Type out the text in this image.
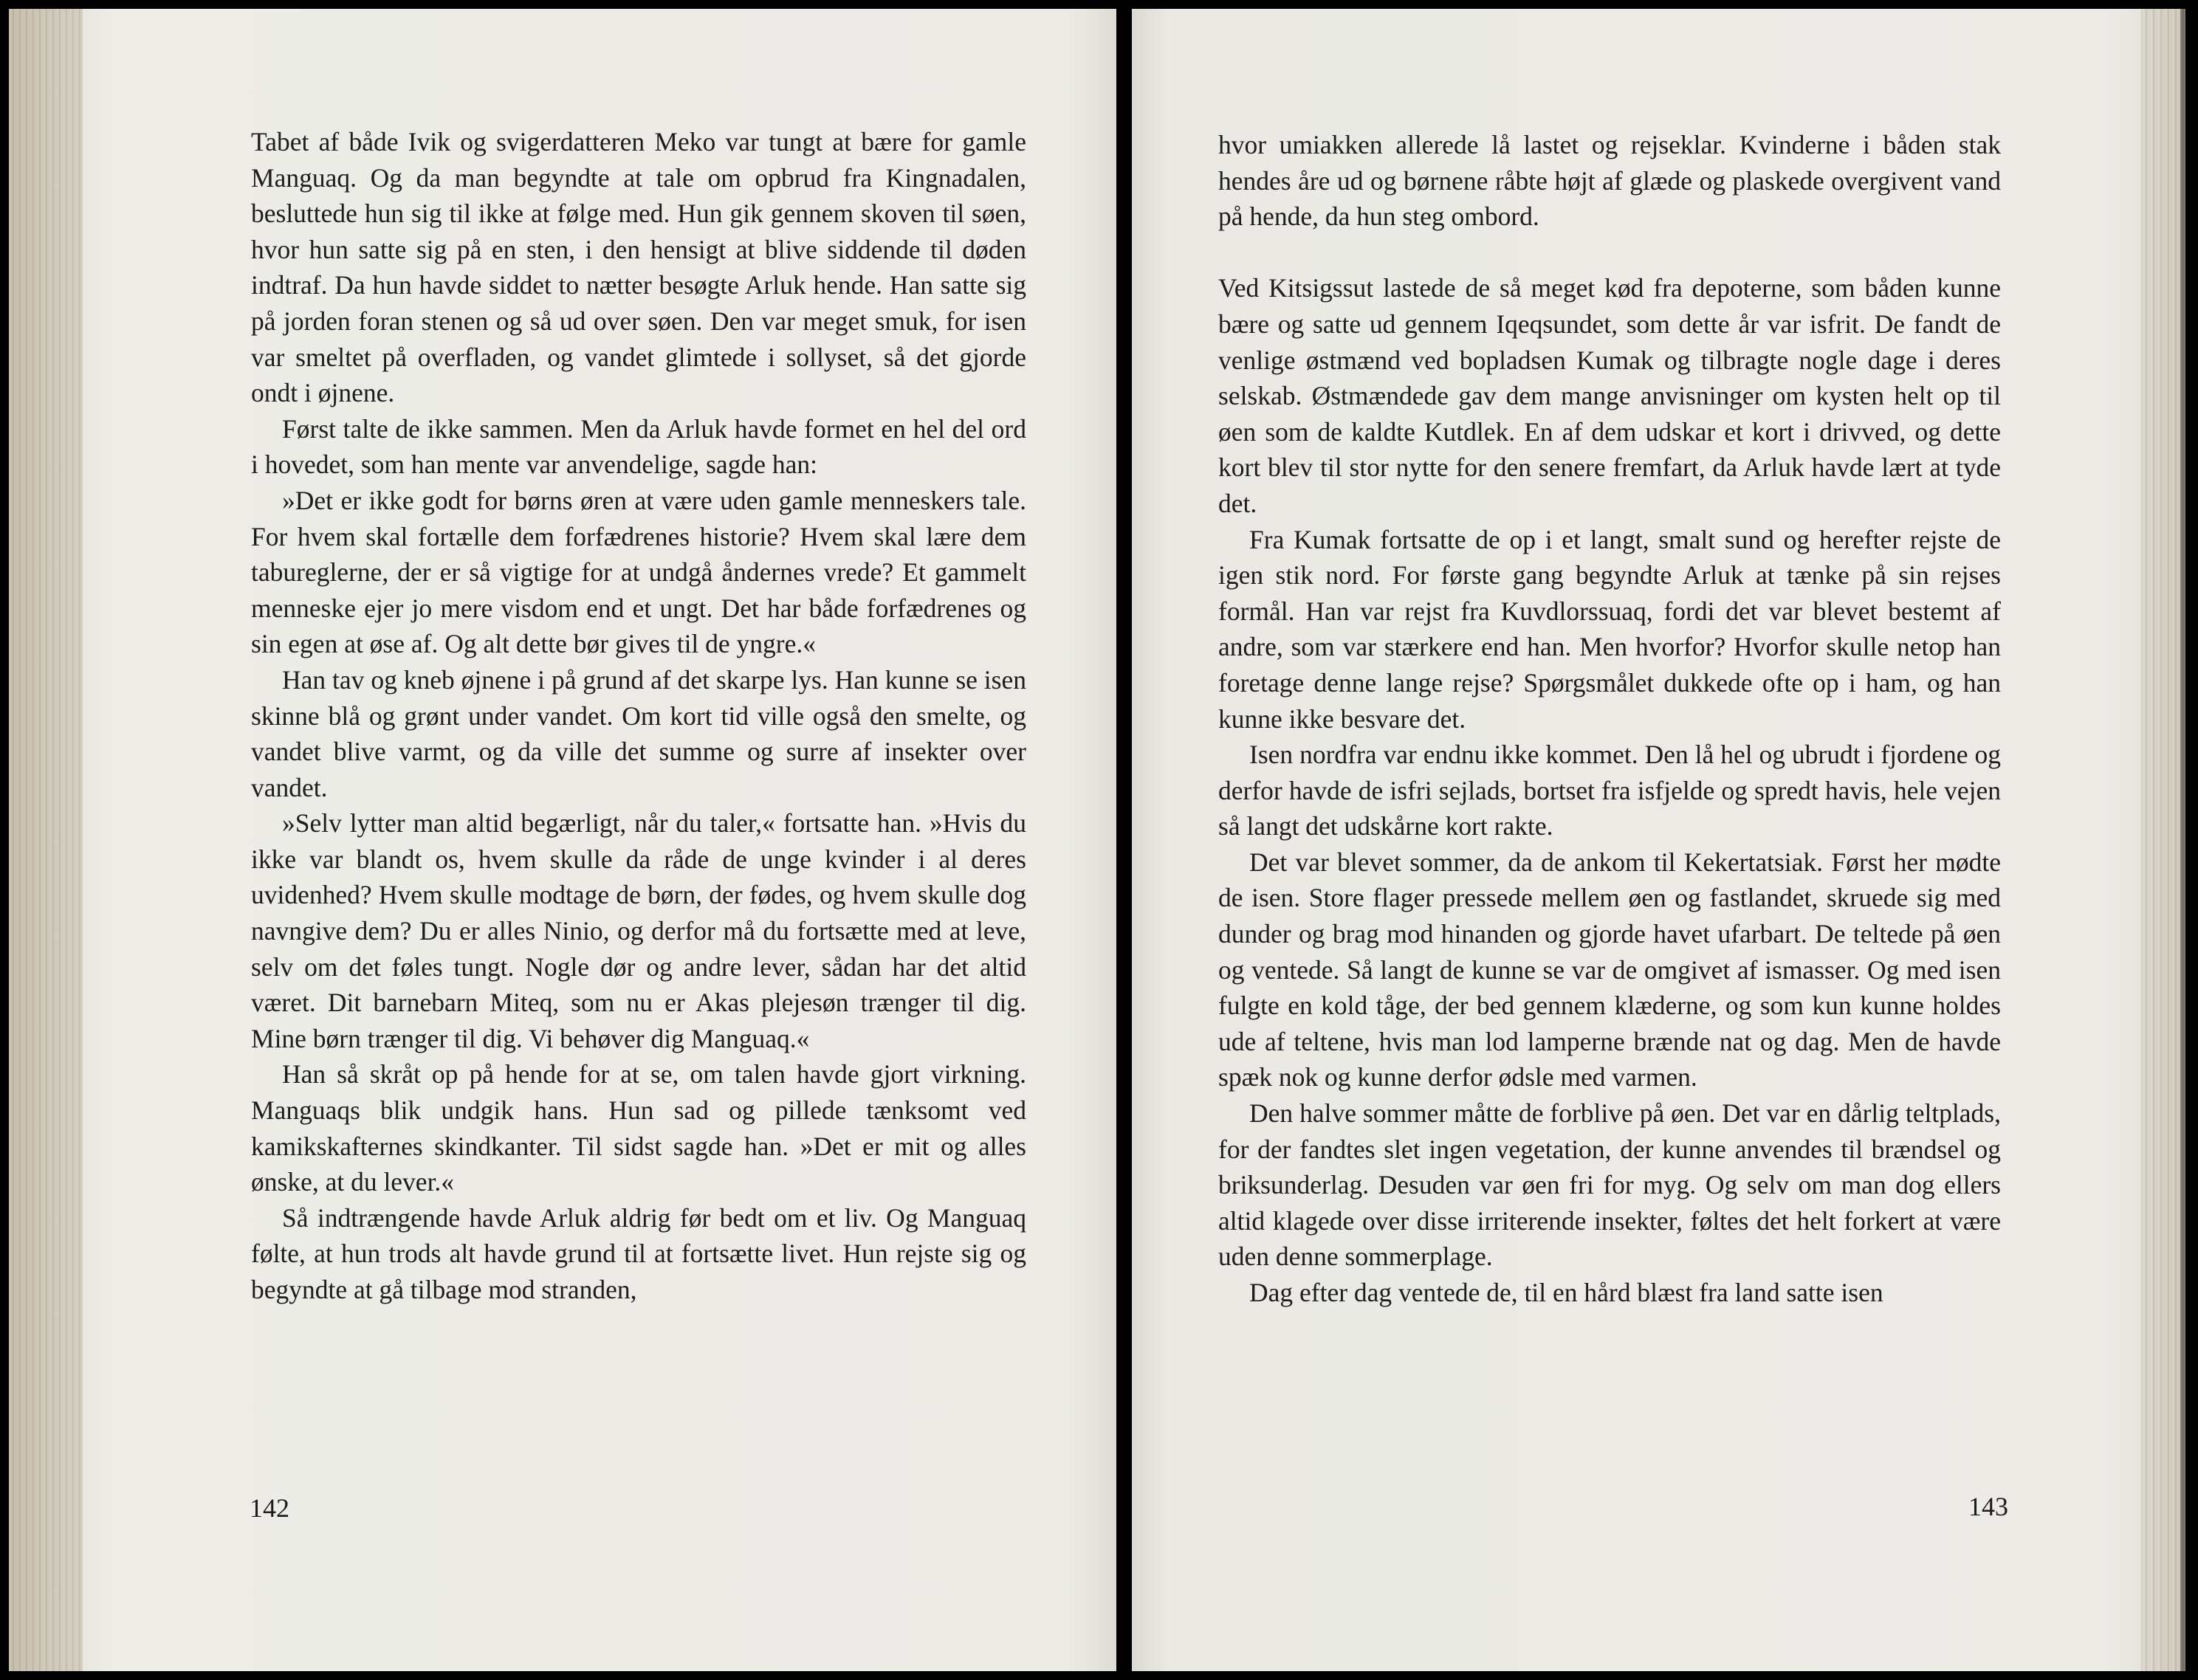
Tabet af både Ivik og svigerdatteren Meko var tungt at bære for gamle Manguaq. Og da man begyndte at tale om opbrud fra Kingnadalen, besluttede hun sig til ikke at følge med. Hun gik gennem skoven til søen, hvor hun satte sig på en sten, i den hensigt at blive siddende til døden indtraf. Da hun havde siddet to nætter besøgte Arluk hende. Han satte sig på jorden foran stenen og så ud over søen. Den var meget smuk, for isen var smeltet på overfladen, og vandet glimtede i sollyset, så det gjorde ondt i øjnene.

Først talte de ikke sammen. Men da Arluk havde formet en hel del ord i hovedet, som han mente var anvendelige, sagde han:

»Det er ikke godt for børns øren at være uden gamle menneskers tale. For hvem skal fortælle dem forfædrenes historie? Hvem skal lære dem tabureglerne, der er så vigtige for at undgå åndernes vrede? Et gammelt menneske ejer jo mere visdom end et ungt. Det har både forfædrenes og sin egen at øse af. Og alt dette bør gives til de yngre.«

Han tav og kneb øjnene i på grund af det skarpe lys. Han kunne se isen skinne blå og grønt under vandet. Om kort tid ville også den smelte, og vandet blive varmt, og da ville det summe og surre af insekter over vandet.

»Selv lytter man altid begærligt, når du taler,« fortsatte han. »Hvis du ikke var blandt os, hvem skulle da råde de unge kvinder i al deres uvidenhed? Hvem skulle modtage de børn, der fødes, og hvem skulle dog navngive dem? Du er alles Ninio, og derfor må du fortsætte med at leve, selv om det føles tungt. Nogle dør og andre lever, sådan har det altid været. Dit barnebarn Miteq, som nu er Akas plejesøn trænger til dig. Mine børn trænger til dig. Vi behøver dig Manguaq.«

Han så skråt op på hende for at se, om talen havde gjort virkning. Manguaqs blik undgik hans. Hun sad og pillede tænksomt ved kamikskafternes skindkanter. Til sidst sagde han. »Det er mit og alles ønske, at du lever.«

Så indtrængende havde Arluk aldrig før bedt om et liv. Og Manguaq følte, at hun trods alt havde grund til at fortsætte livet. Hun rejste sig og begyndte at gå tilbage mod stranden,

142

hvor umiakken allerede lå lastet og rejseklar. Kvinderne i båden stak hendes åre ud og børnene råbte højt af glæde og plaskede overgivent vand på hende, da hun steg ombord.

Ved Kitsigssut lastede de så meget kød fra depoterne, som båden kunne bære og satte ud gennem Iqeqsundet, som dette år var isfrit. De fandt de venlige østmænd ved bopladsen Kumak og tilbragte nogle dage i deres selskab. Østmændede gav dem mange anvisninger om kysten helt op til øen som de kaldte Kutdlek. En af dem udskar et kort i drivved, og dette kort blev til stor nytte for den senere fremfart, da Arluk havde lært at tyde det.

Fra Kumak fortsatte de op i et langt, smalt sund og herefter rejste de igen stik nord. For første gang begyndte Arluk at tænke på sin rejses formål. Han var rejst fra Kuvdlorssuaq, fordi det var blevet bestemt af andre, som var stærkere end han. Men hvorfor? Hvorfor skulle netop han foretage denne lange rejse? Spørgsmålet dukkede ofte op i ham, og han kunne ikke besvare det.

Isen nordfra var endnu ikke kommet. Den lå hel og ubrudt i fjordene og derfor havde de isfri sejlads, bortset fra isfjelde og spredt havis, hele vejen så langt det udskårne kort rakte.

Det var blevet sommer, da de ankom til Kekertatsiak. Først her mødte de isen. Store flager pressede mellem øen og fastlandet, skruede sig med dunder og brag mod hinanden og gjorde havet ufarbart. De teltede på øen og ventede. Så langt de kunne se var de omgivet af ismasser. Og med isen fulgte en kold tåge, der bed gennem klæderne, og som kun kunne holdes ude af teltene, hvis man lod lamperne brænde nat og dag. Men de havde spæk nok og kunne derfor ødsle med varmen.

Den halve sommer måtte de forblive på øen. Det var en dårlig teltplads, for der fandtes slet ingen vegetation, der kunne anvendes til brændsel og briksunderlag. Desuden var øen fri for myg. Og selv om man dog ellers altid klagede over disse irriterende insekter, føltes det helt forkert at være uden denne sommerplage.

Dag efter dag ventede de, til en hård blæst fra land satte isen

143
